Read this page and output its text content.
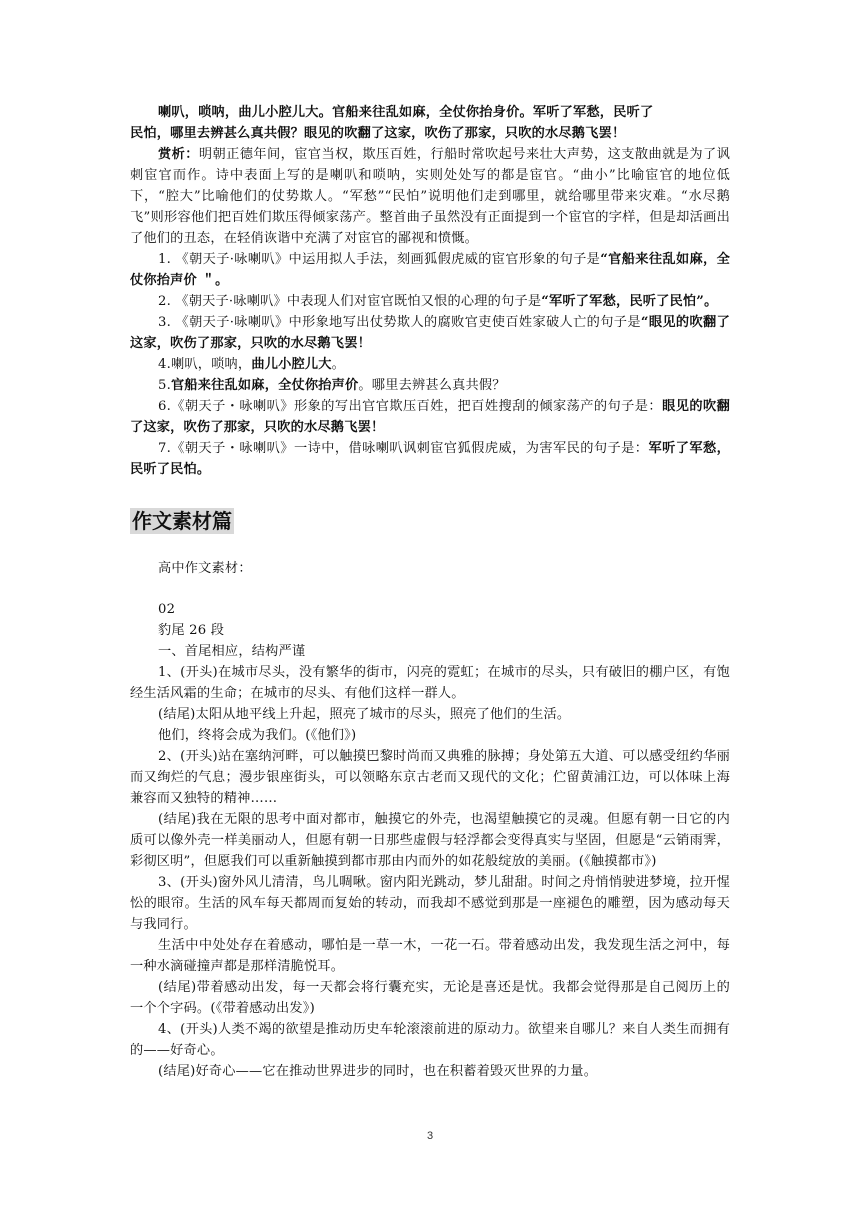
喇叭，唢呐，曲儿小腔儿大。官船来往乱如麻，全仗你抬身价。军听了军愁，民听了

民怕，哪里去辨甚么真共假？眼见的吹翻了这家，吹伤了那家，只吹的水尽鹅飞罢！

赏析：明朝正德年间，宦官当权，欺压百姓，行船时常吹起号来壮大声势，这支散曲就是为了讽刺宦官而作。诗中表面上写的是喇叭和唢呐，实则处处写的都是宦官。“曲小”比喻宦官的地位低下，“腔大”比喻他们的仗势欺人。“军愁”“民怕”说明他们走到哪里，就给哪里带来灾难。“水尽鹅飞”则形容他们把百姓们欺压得倾家荡产。整首曲子虽然没有正面提到一个宦官的字样，但是却活画出了他们的丑态，在轻俏诙谐中充满了对宦官的鄙视和愤慨。

1. 《朝天子·咏喇叭》中运用拟人手法，刻画狐假虎威的宦官形象的句子是“官船来往乱如麻，全仗你抬声价 ＂。

2. 《朝天子·咏喇叭》中表现人们对宦官既怕又恨的心理的句子是“军听了军愁，民听了民怕”。

3. 《朝天子·咏喇叭》中形象地写出仗势欺人的腐败官吏使百姓家破人亡的句子是“眼见的吹翻了这家，吹伤了那家，只吹的水尽鹅飞罢！

4.喇叭，唢呐，曲儿小腔儿大。

5.官船来往乱如麻，全仗你抬声价。哪里去辨甚么真共假？

6.《朝天子・咏喇叭》形象的写出官官欺压百姓，把百姓搜刮的倾家荡产的句子是：眼见的吹翻了这家，吹伤了那家，只吹的水尽鹅飞罢！

7.《朝天子・咏喇叭》一诗中，借咏喇叭讽刺宦官狐假虎威，为害军民的句子是：军听了军愁，民听了民怕。

作文素材篇

高中作文素材：

02

豹尾 26 段

一、首尾相应，结构严谨

1、(开头)在城市尽头，没有繁华的街市，闪亮的霓虹；在城市的尽头，只有破旧的棚户区，有饱经生活风霜的生命；在城市的尽头、有他们这样一群人。

(结尾)太阳从地平线上升起，照亮了城市的尽头，照亮了他们的生活。

他们，终将会成为我们。(《他们》)

2、(开头)站在塞纳河畔，可以触摸巴黎时尚而又典雅的脉搏；身处第五大道、可以感受纽约华丽而又绚烂的气息；漫步银座街头，可以领略东京古老而又现代的文化；伫留黄浦江边，可以体味上海兼容而又独特的精神……

(结尾)我在无限的思考中面对都市，触摸它的外壳，也渴望触摸它的灵魂。但愿有朝一日它的内质可以像外壳一样美丽动人，但愿有朝一日那些虚假与轻浮都会变得真实与坚固，但愿是“云销雨霁，彩彻区明”，但愿我们可以重新触摸到都市那由内而外的如花般绽放的美丽。(《触摸都市》)

3、(开头)窗外风儿清清，鸟儿啁啾。窗内阳光跳动，梦儿甜甜。时间之舟悄悄驶进梦境，拉开惺忪的眼帘。生活的风车每天都周而复始的转动，而我却不感觉到那是一座褪色的雕塑，因为感动每天与我同行。

生活中中处处存在着感动，哪怕是一草一木，一花一石。带着感动出发，我发现生活之河中，每一种水滴碰撞声都是那样清脆悦耳。

(结尾)带着感动出发，每一天都会将行囊充实，无论是喜还是忧。我都会觉得那是自己阅历上的一个个字码。(《带着感动出发》)

4、(开头)人类不竭的欲望是推动历史车轮滚滚前进的原动力。欲望来自哪儿？来自人类生而拥有的——好奇心。

(结尾)好奇心——它在推动世界进步的同时，也在积蓄着毁灭世界的力量。

3
